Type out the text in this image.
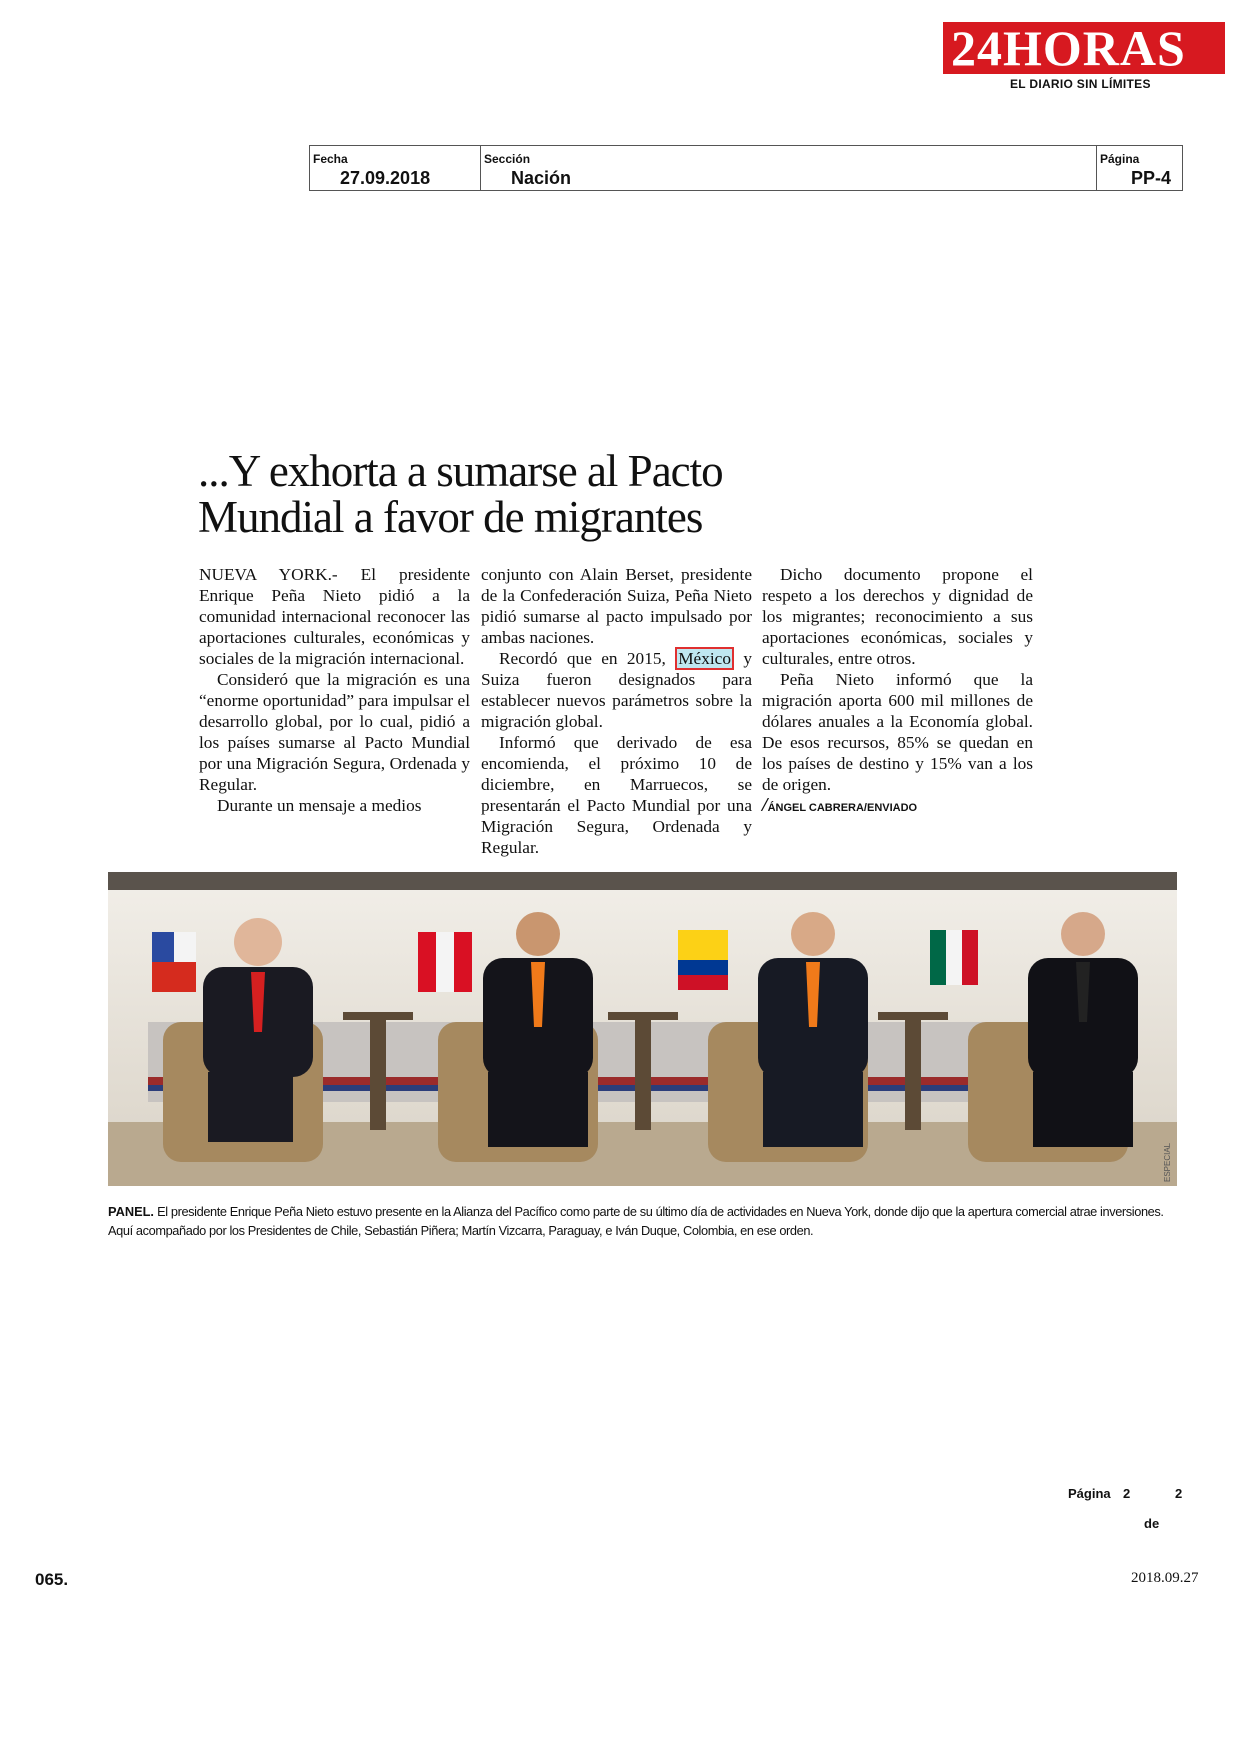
24HORAS
EL DIARIO SIN LÍMITES
Fecha
27.09.2018
Sección
Nación
Página
PP-4
...Y exhorta a sumarse al Pacto
Mundial a favor de migrantes

NUEVA YORK.- El presidente Enrique Peña Nieto pidió a la comunidad internacional reconocer las aportaciones culturales, económicas y sociales de la migración internacional.

Consideró que la migración es una “enorme oportunidad” para impulsar el desarrollo global, por lo cual, pidió a los países sumarse al Pacto Mundial por una Migración Segura, Ordenada y Regular.

Durante un mensaje a medios

conjunto con Alain Berset, presidente de la Confederación Suiza, Peña Nieto pidió sumarse al pacto impulsado por ambas naciones.

Recordó que en 2015, México y Suiza fueron designados para establecer nuevos parámetros sobre la migración global.

Informó que derivado de esa encomienda, el próximo 10 de diciembre, en Marruecos, se presentarán el Pacto Mundial por una Migración Segura, Ordenada y Regular.

Dicho documento propone el respeto a los derechos y dignidad de los migrantes; reconocimiento a sus aportaciones económicas, sociales y culturales, entre otros.

Peña Nieto informó que la migración aporta 600 mil millones de dólares anuales a la Economía global. De esos recursos, 85% se quedan en los países de destino y 15% van a los de origen.

/ÁNGEL CABRERA/ENVIADO

ESPECIAL
PANEL. El presidente Enrique Peña Nieto estuvo presente en la Alianza del Pacífico como parte de su último día de actividades en Nueva York, donde dijo que la apertura comercial atrae inversiones. Aquí acompañado por los Presidentes de Chile, Sebastián Piñera; Martín Vizcarra, Paraguay, e Iván Duque, Colombia, en ese orden.
Página 2	2
de
065.	2018.09.27
